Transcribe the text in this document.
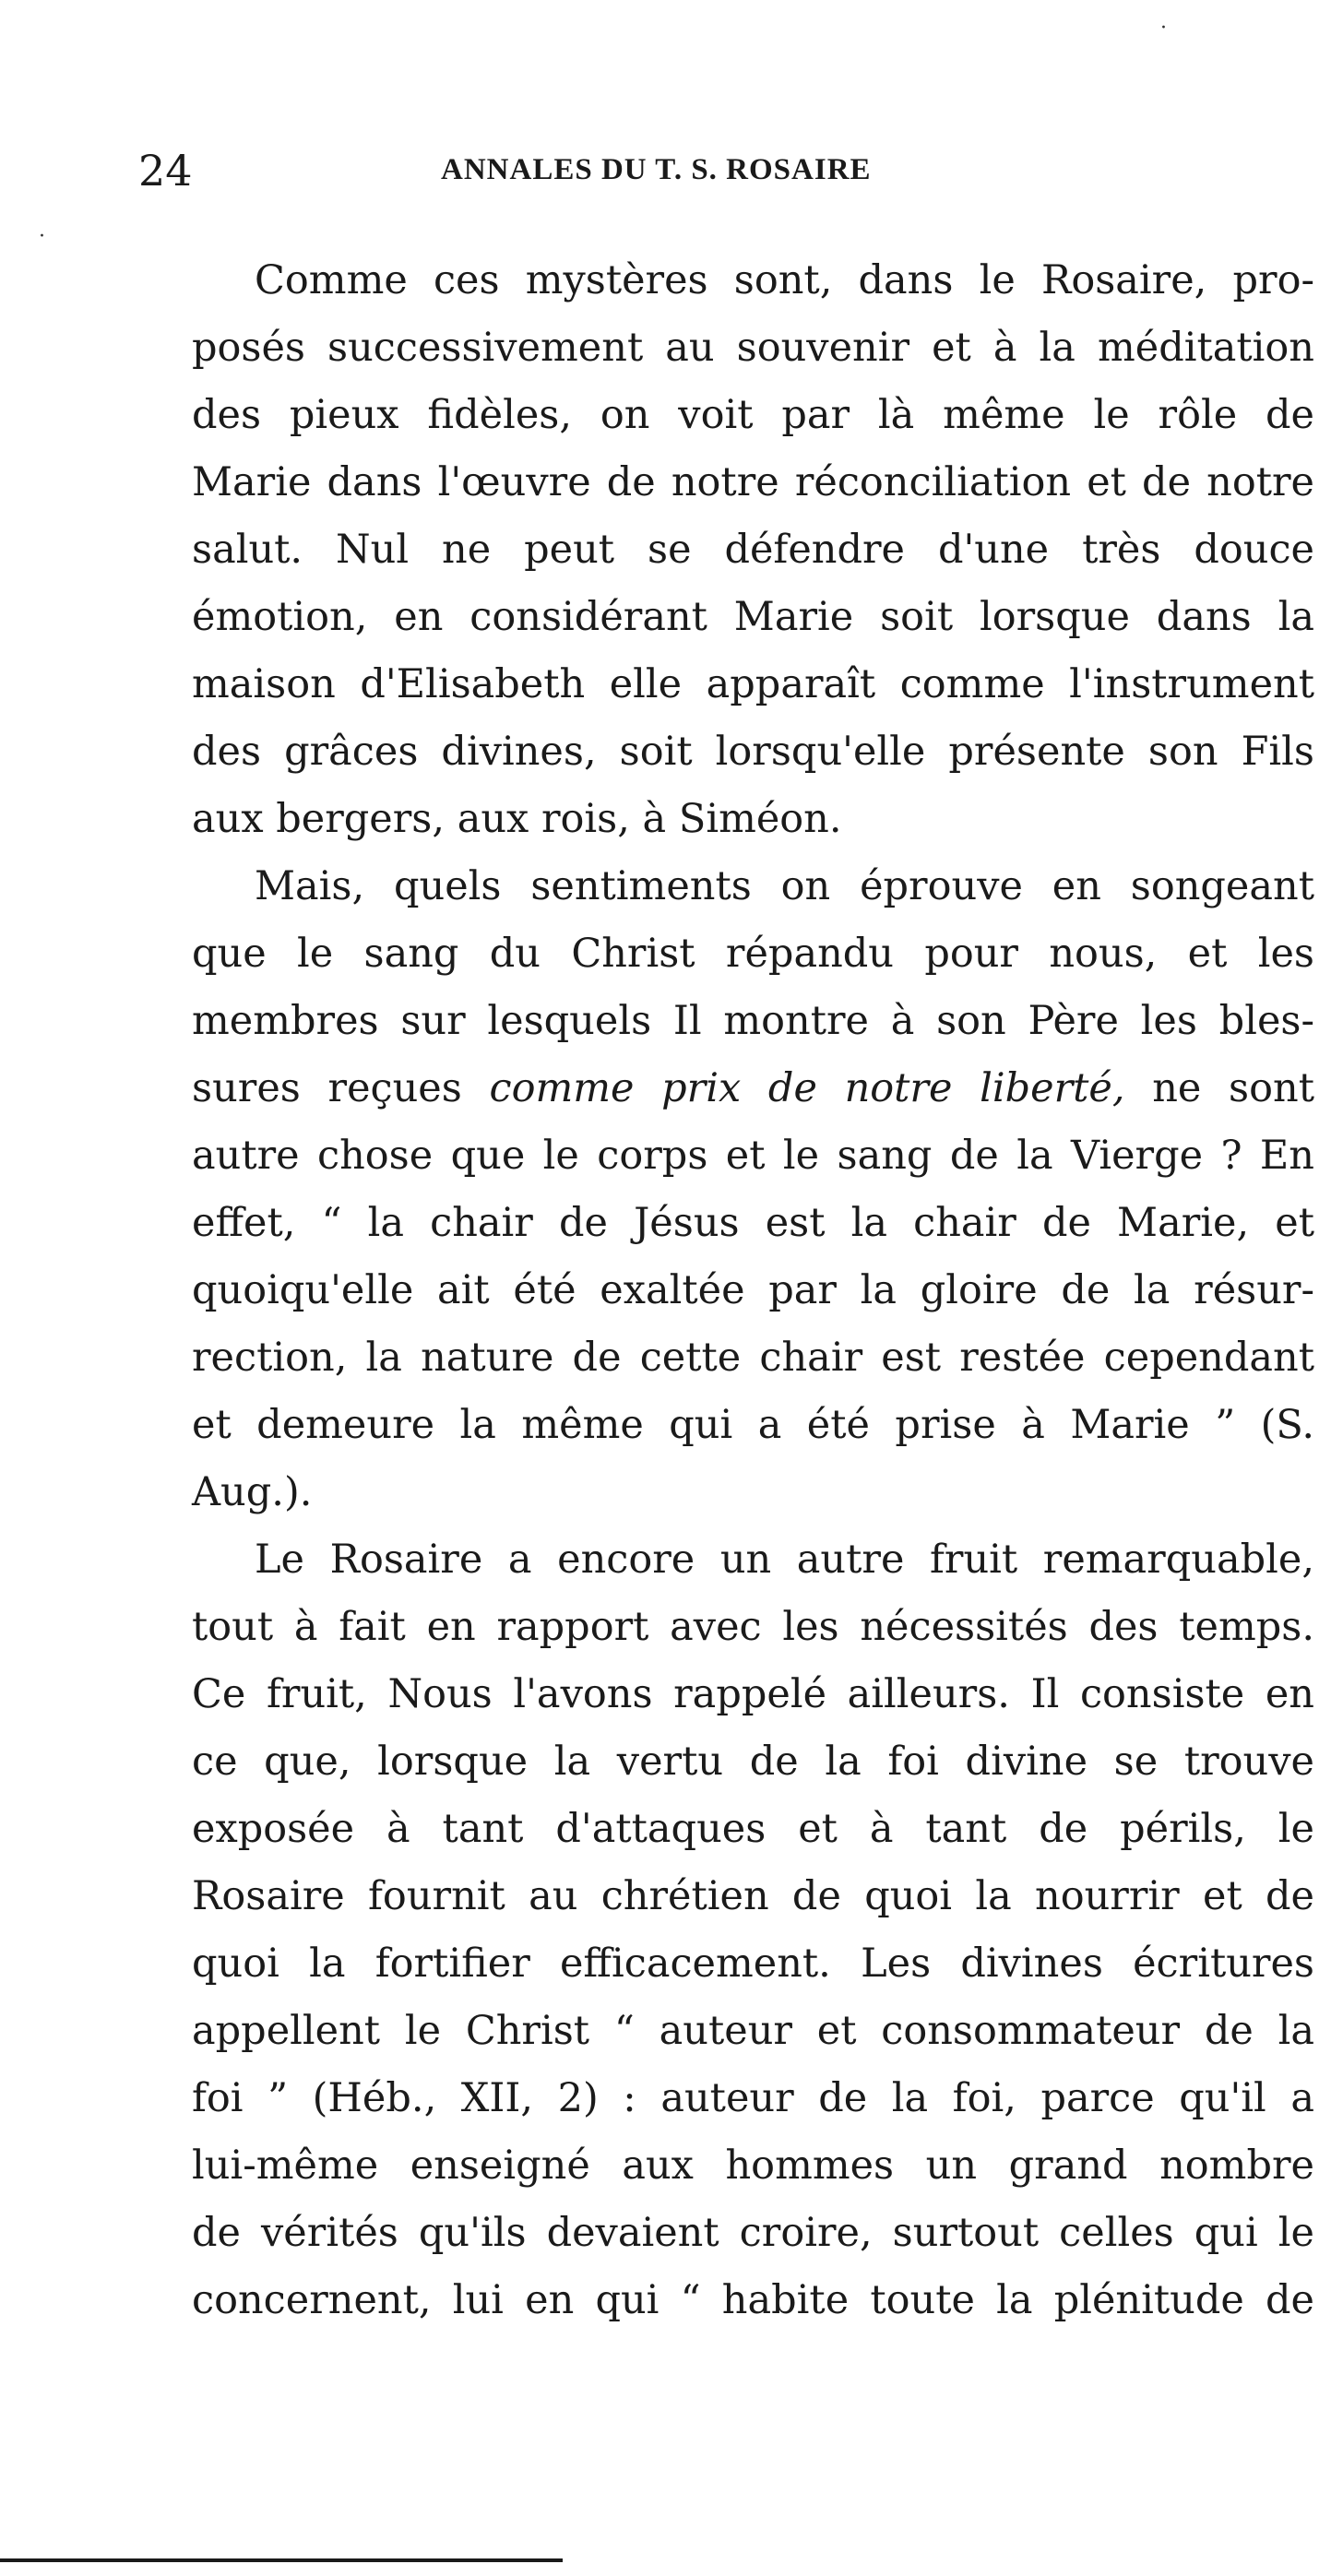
·
·
24	ANNALES DU T. S. ROSAIRE
Comme ces mystères sont, dans le Rosaire, pro-
posés successivement au souvenir et à la méditation
des pieux fidèles, on voit par là même le rôle de
Marie dans l'œuvre de notre réconciliation et de notre
salut. Nul ne peut se défendre d'une très douce
émotion, en considérant Marie soit lorsque dans la
maison d'Elisabeth elle apparaît comme l'instrument
des grâces divines, soit lorsqu'elle présente son Fils
aux bergers, aux rois, à Siméon.
Mais, quels sentiments on éprouve en songeant
que le sang du Christ répandu pour nous, et les
membres sur lesquels Il montre à son Père les bles-
sures reçues comme prix de notre liberté, ne sont
autre chose que le corps et le sang de la Vierge ? En
effet, “ la chair de Jésus est la chair de Marie, et
quoiqu'elle ait été exaltée par la gloire de la résur-
rection, la nature de cette chair est restée cependant
et demeure la même qui a été prise à Marie ” (S.
Aug.).
Le Rosaire a encore un autre fruit remarquable,
tout à fait en rapport avec les nécessités des temps.
Ce fruit, Nous l'avons rappelé ailleurs. Il consiste en
ce que, lorsque la vertu de la foi divine se trouve
exposée à tant d'attaques et à tant de périls, le
Rosaire fournit au chrétien de quoi la nourrir et de
quoi la fortifier efficacement. Les divines écritures
appellent le Christ “ auteur et consommateur de la
foi ” (Héb., XII, 2) : auteur de la foi, parce qu'il a
lui-même enseigné aux hommes un grand nombre
de vérités qu'ils devaient croire, surtout celles qui le
concernent, lui en qui “ habite toute la plénitude de
